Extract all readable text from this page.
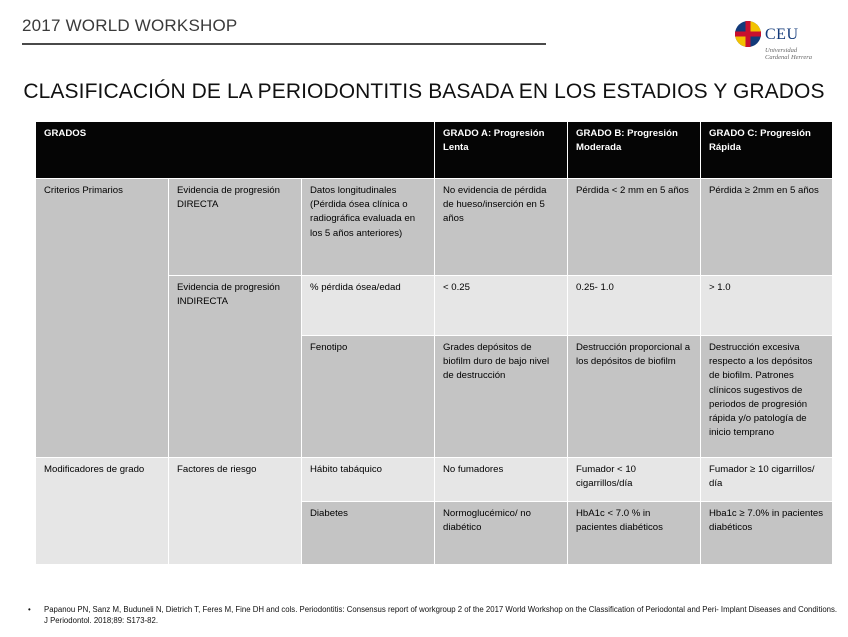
2017 WORLD WORKSHOP	CEU
Universidad
Cardenal Herrera
CLASIFICACIÓN DE LA PERIODONTITIS BASADA EN LOS ESTADIOS Y GRADOS
GRADOS			GRADO A: Progresión Lenta	GRADO B: Progresión Moderada	GRADO C: Progresión Rápida
Criterios Primarios	Evidencia de progresión DIRECTA	Datos longitudinales (Pérdida ósea clínica o radiográfica evaluada en los 5 años anteriores)	No evidencia de pérdida de hueso/inserción en 5 años	Pérdida < 2 mm en 5 años	Pérdida ≥ 2mm en 5 años
	Evidencia de progresión INDIRECTA	% pérdida ósea/edad	< 0.25	0.25- 1.0	> 1.0
		Fenotipo	Grades depósitos de biofilm duro de bajo nivel de destrucción	Destrucción proporcional a los depósitos de biofilm	Destrucción excesiva respecto a los depósitos de biofilm. Patrones clínicos sugestivos de periodos de progresión rápida y/o patología de inicio temprano
Modificadores de grado	Factores de riesgo	Hábito tabáquico	No fumadores	Fumador < 10 cigarrillos/día	Fumador ≥ 10 cigarrillos/ día
		Diabetes	Normoglucémico/ no diabético	HbA1c < 7.0 % in pacientes diabéticos	Hba1c ≥ 7.0% in pacientes diabéticos
• Papanou PN, Sanz M, Buduneli N, Dietrich T, Feres M, Fine DH and cols. Periodontitis: Consensus report of workgroup 2 of the 2017 World Workshop on the Classification of Periodontal and Peri- Implant Diseases and Conditions. J Periodontol. 2018;89: S173-82.
